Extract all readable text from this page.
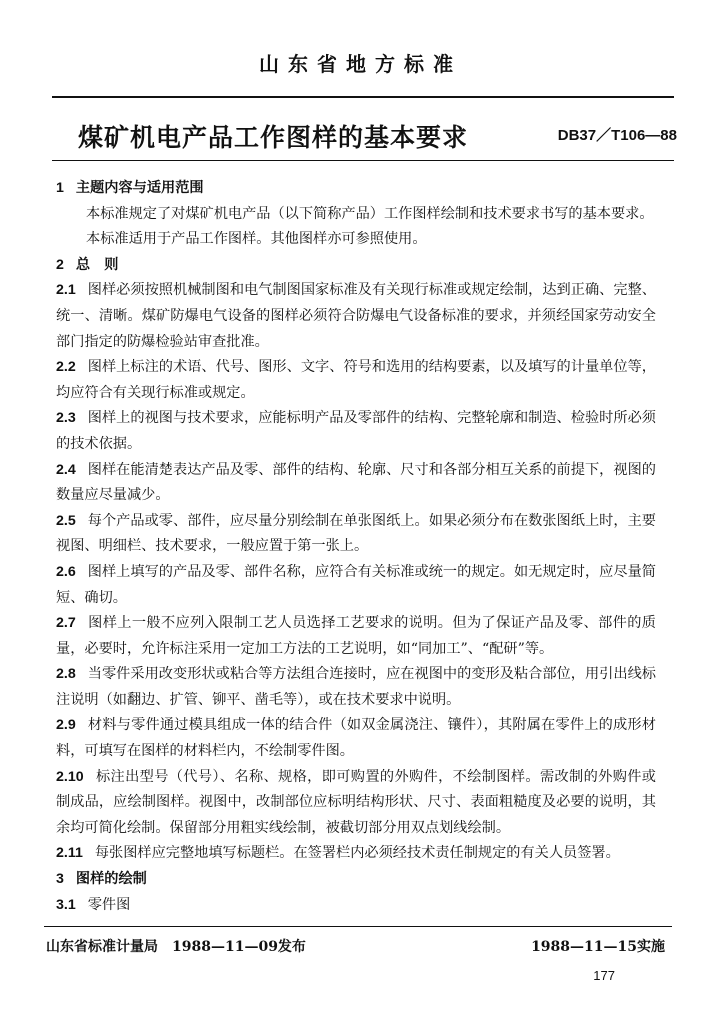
山东省地方标准
煤矿机电产品工作图样的基本要求	DB37／T106—88

1 主题内容与适用范围

本标准规定了对煤矿机电产品（以下简称产品）工作图样绘制和技术要求书写的基本要求。

本标准适用于产品工作图样。其他图样亦可参照使用。

2 总　则

2.1 图样必须按照机械制图和电气制图国家标准及有关现行标准或规定绘制，达到正确、完整、统一、清晰。煤矿防爆电气设备的图样必须符合防爆电气设备标准的要求，并须经国家劳动安全部门指定的防爆检验站审查批准。

2.2 图样上标注的术语、代号、图形、文字、符号和选用的结构要素，以及填写的计量单位等，均应符合有关现行标准或规定。

2.3 图样上的视图与技术要求，应能标明产品及零部件的结构、完整轮廓和制造、检验时所必须的技术依据。

2.4 图样在能清楚表达产品及零、部件的结构、轮廓、尺寸和各部分相互关系的前提下，视图的数量应尽量减少。

2.5 每个产品或零、部件，应尽量分别绘制在单张图纸上。如果必须分布在数张图纸上时，主要视图、明细栏、技术要求，一般应置于第一张上。

2.6 图样上填写的产品及零、部件名称，应符合有关标准或统一的规定。如无规定时，应尽量简短、确切。

2.7 图样上一般不应列入限制工艺人员选择工艺要求的说明。但为了保证产品及零、部件的质量，必要时，允许标注采用一定加工方法的工艺说明，如“同加工”、“配研”等。

2.8 当零件采用改变形状或粘合等方法组合连接时，应在视图中的变形及粘合部位，用引出线标注说明（如翻边、扩管、铆平、凿毛等），或在技术要求中说明。

2.9 材料与零件通过模具组成一体的结合件（如双金属浇注、镶件），其附属在零件上的成形材料，可填写在图样的材料栏内，不绘制零件图。

2.10 标注出型号（代号）、名称、规格，即可购置的外购件，不绘制图样。需改制的外购件或制成品，应绘制图样。视图中，改制部位应标明结构形状、尺寸、表面粗糙度及必要的说明，其余均可简化绘制。保留部分用粗实线绘制，被截切部分用双点划线绘制。

2.11 每张图样应完整地填写标题栏。在签署栏内必须经技术责任制规定的有关人员签署。

3 图样的绘制

3.1 零件图

山东省标准计量局　1988—11—09发布	1988—11—15实施
177
